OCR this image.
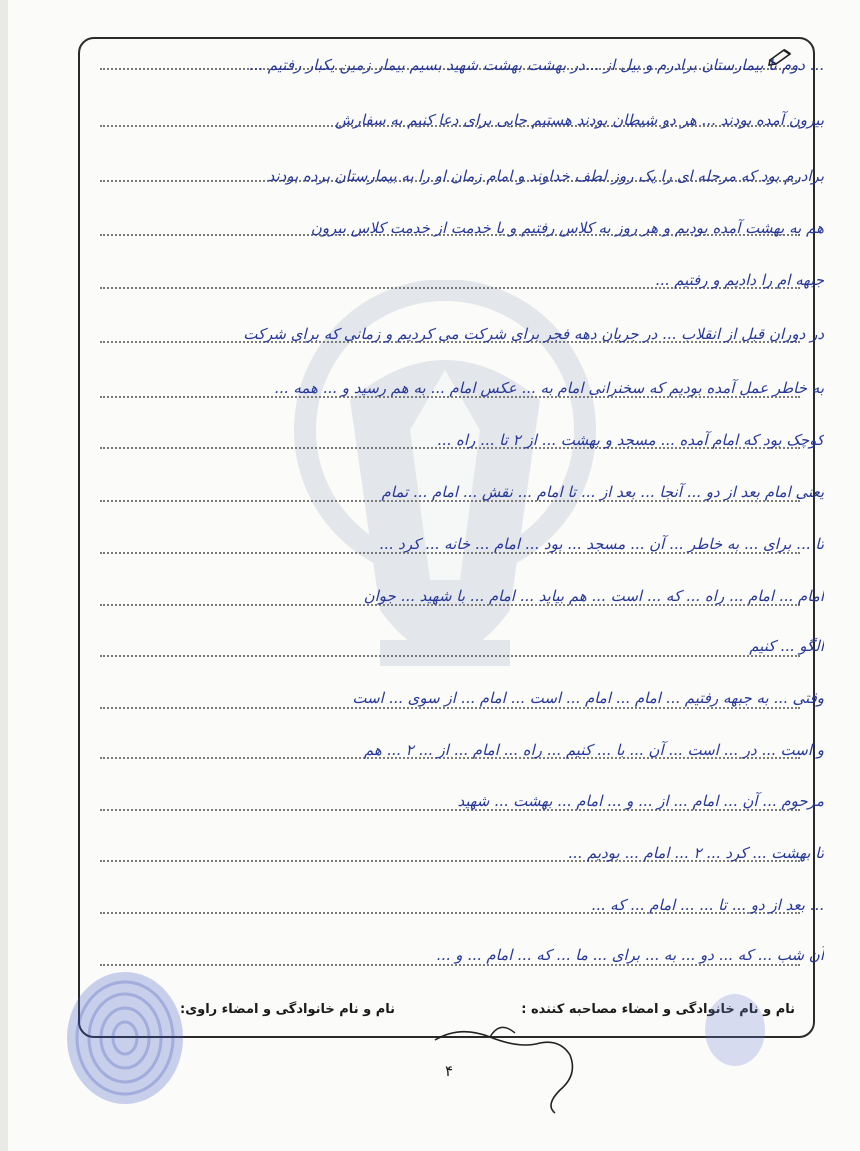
... دوم تا بیمارستان برادرم و بیل از ...در بهشت بهشت شهید بسیم بیمار زمین یکبار رفتیم ...
بیرون آمده بودند ... هر دو شیطان بودند هستیم جایی برای دعا کنیم به سفارش
برادرم بود که مرحله ای را یک روز لطف خداوند و امام زمان او را به بیمارستان برده بودند
هم به بهشت آمده بودیم و هر روز به کلاس رفتیم و با خدمت از خدمت کلاس بیرون
جبهه ام را دادیم و رفتیم ...
در دوران قبل از انقلاب ... در جریان دهه فجر برای شرکت می کردیم و زمانی که برای شرکت
به خاطر عمل آمده بودیم که سخنرانی امام به ... عکس امام ... به هم رسید و ... همه ...
کوچک بود که امام آمده ... مسجد و بهشت ... از ۲ تا ... راه ...
یعنی امام بعد از دو ... آنجا ... بعد از ... تا امام ... نقش ... امام ... تمام
تا ... برای ... به خاطر ... آن ... مسجد ... بود ... امام ... خانه ... کرد ...
امام ... امام ... راه ... که ... است ... هم بیاید ... امام ... با شهید ... جوان
الگو ... کنیم
وقتی ... به جبهه رفتیم ... امام ... امام ... است ... امام ... از سوی ... است
و است ... در ... است ... آن ... با ... کنیم ... راه ... امام ... از ... ۲ ... هم
مرحوم ... آن ... امام ... از ... و ... امام ... بهشت ... شهید
تا بهشت ... کرد ... ۲ ... امام ... بودیم ...
... بعد از دو ... تا ... ... امام ... که ...
آن شب ... که ... دو ... به ... برای ... ما ... که ... امام ... و ...
نام و نام خانوادگی و امضاء مصاحبه کننده :
نام و نام خانوادگی و امضاء راوی:
۴
